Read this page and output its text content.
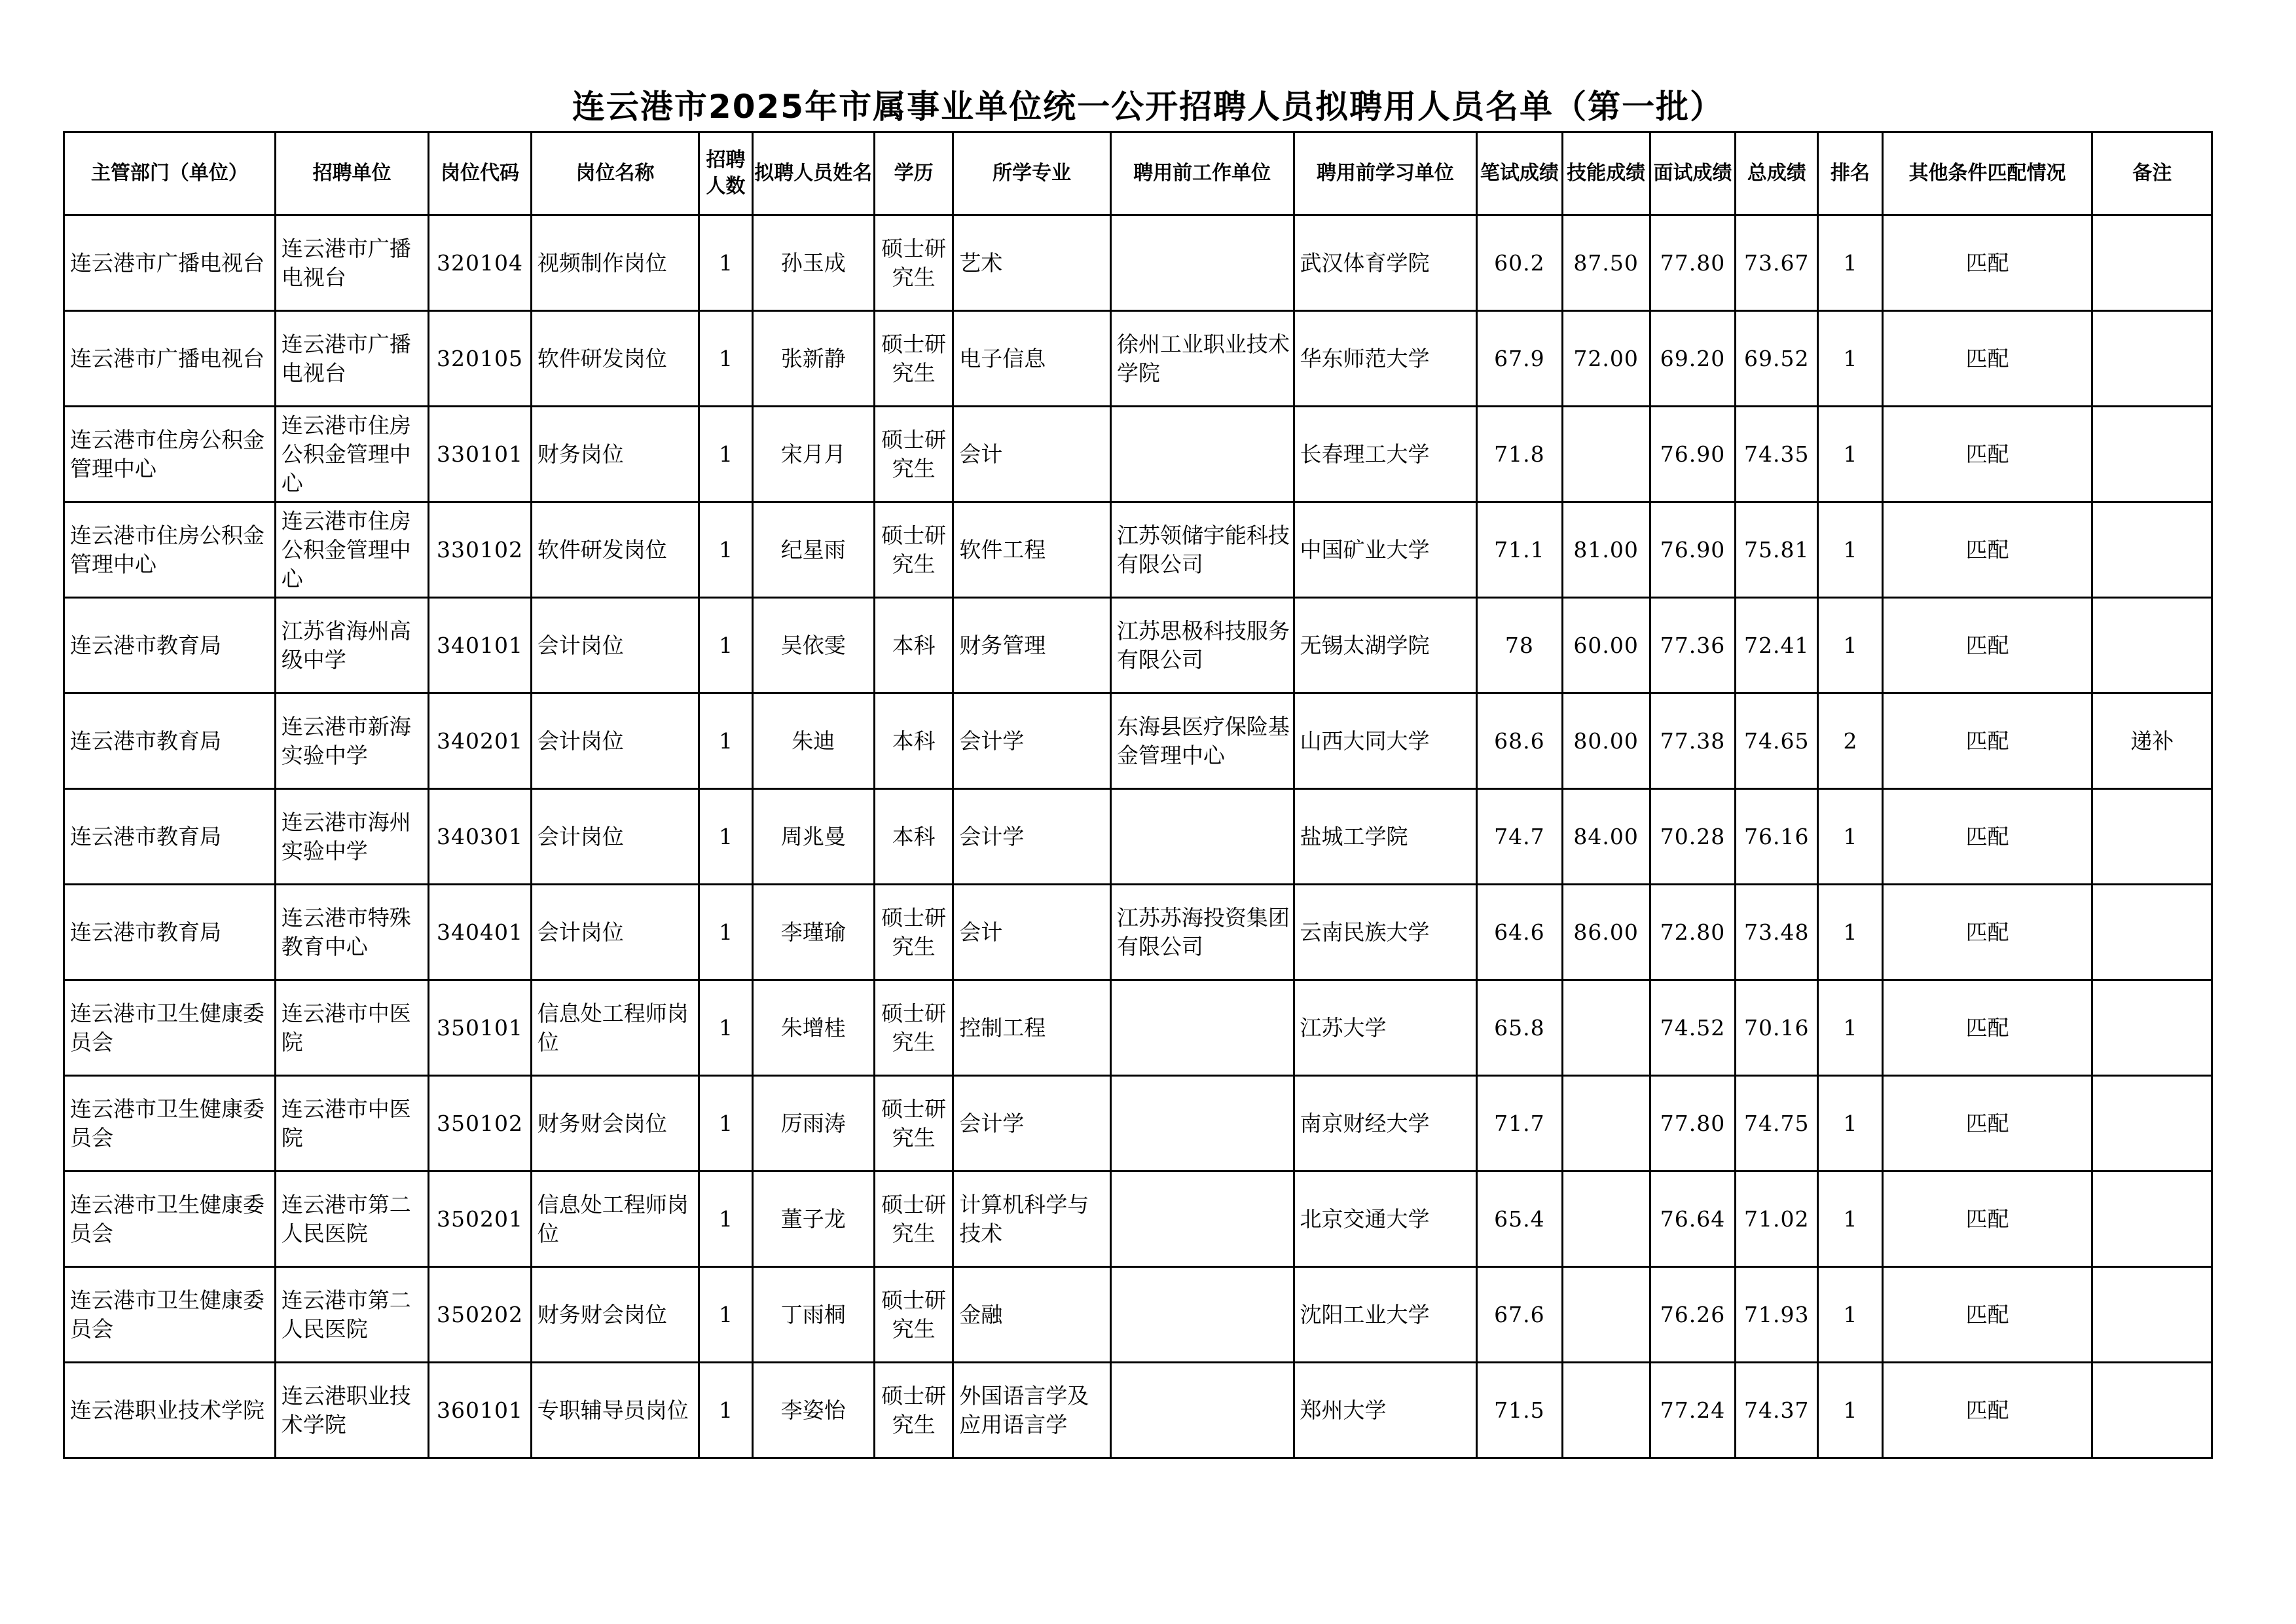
连云港市2025年市属事业单位统一公开招聘人员拟聘用人员名单（第一批）
主管部门（单位）	招聘单位	岗位代码	岗位名称	招聘人数	拟聘人员姓名	学历	所学专业	聘用前工作单位	聘用前学习单位	笔试成绩	技能成绩	面试成绩	总成绩	排名	其他条件匹配情况	备注
连云港市广播电视台	连云港市广播电视台	320104	视频制作岗位	1	孙玉成	硕士研究生	艺术		武汉体育学院	60.2	87.50	77.80	73.67	1	匹配	
连云港市广播电视台	连云港市广播电视台	320105	软件研发岗位	1	张新静	硕士研究生	电子信息	徐州工业职业技术学院	华东师范大学	67.9	72.00	69.20	69.52	1	匹配	
连云港市住房公积金管理中心	连云港市住房公积金管理中心	330101	财务岗位	1	宋月月	硕士研究生	会计		长春理工大学	71.8		76.90	74.35	1	匹配	
连云港市住房公积金管理中心	连云港市住房公积金管理中心	330102	软件研发岗位	1	纪星雨	硕士研究生	软件工程	江苏领储宇能科技有限公司	中国矿业大学	71.1	81.00	76.90	75.81	1	匹配	
连云港市教育局	江苏省海州高级中学	340101	会计岗位	1	吴依雯	本科	财务管理	江苏思极科技服务有限公司	无锡太湖学院	78	60.00	77.36	72.41	1	匹配	
连云港市教育局	连云港市新海实验中学	340201	会计岗位	1	朱迪	本科	会计学	东海县医疗保险基金管理中心	山西大同大学	68.6	80.00	77.38	74.65	2	匹配	递补
连云港市教育局	连云港市海州实验中学	340301	会计岗位	1	周兆曼	本科	会计学		盐城工学院	74.7	84.00	70.28	76.16	1	匹配	
连云港市教育局	连云港市特殊教育中心	340401	会计岗位	1	李瑾瑜	硕士研究生	会计	江苏苏海投资集团有限公司	云南民族大学	64.6	86.00	72.80	73.48	1	匹配	
连云港市卫生健康委员会	连云港市中医院	350101	信息处工程师岗位	1	朱增桂	硕士研究生	控制工程		江苏大学	65.8		74.52	70.16	1	匹配	
连云港市卫生健康委员会	连云港市中医院	350102	财务财会岗位	1	厉雨涛	硕士研究生	会计学		南京财经大学	71.7		77.80	74.75	1	匹配	
连云港市卫生健康委员会	连云港市第二人民医院	350201	信息处工程师岗位	1	董子龙	硕士研究生	计算机科学与技术		北京交通大学	65.4		76.64	71.02	1	匹配	
连云港市卫生健康委员会	连云港市第二人民医院	350202	财务财会岗位	1	丁雨桐	硕士研究生	金融		沈阳工业大学	67.6		76.26	71.93	1	匹配	
连云港职业技术学院	连云港职业技术学院	360101	专职辅导员岗位	1	李姿怡	硕士研究生	外国语言学及应用语言学		郑州大学	71.5		77.24	74.37	1	匹配	
